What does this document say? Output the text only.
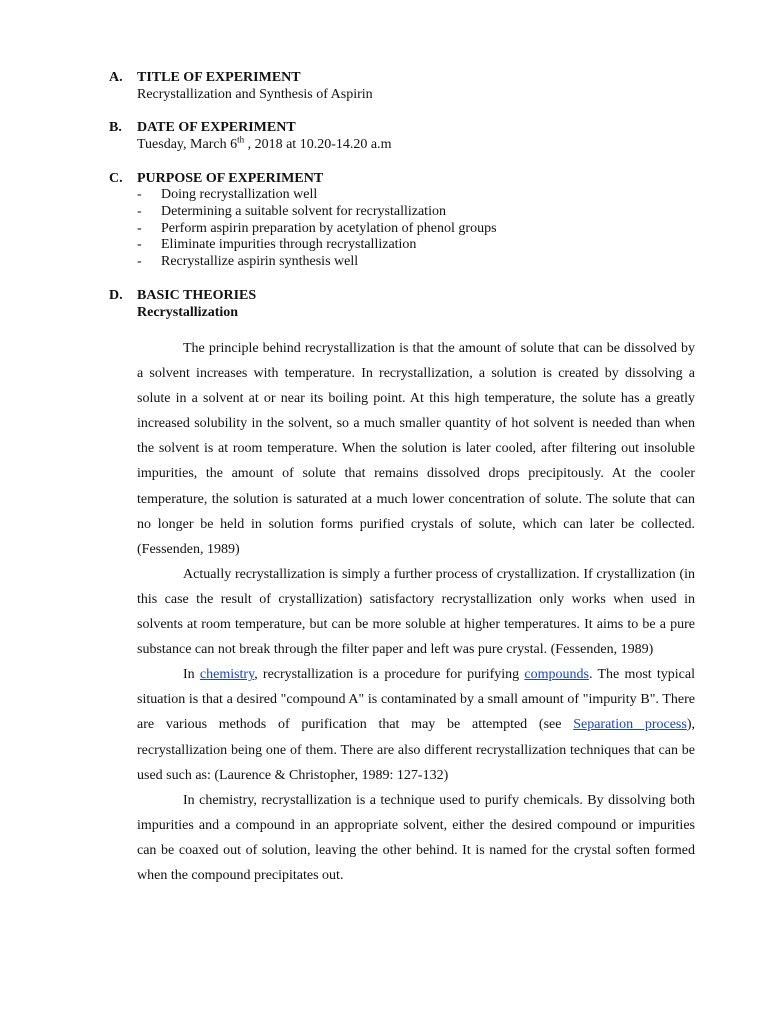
A.	TITLE OF EXPERIMENT
Recrystallization and Synthesis of Aspirin
B.	DATE OF EXPERIMENT
Tuesday, March 6th , 2018 at 10.20-14.20 a.m
C.	PURPOSE OF EXPERIMENT
-	Doing recrystallization well
-	Determining a suitable solvent for recrystallization
-	Perform aspirin preparation by acetylation of phenol groups
-	Eliminate impurities through recrystallization
-	Recrystallize aspirin synthesis well
D.	BASIC THEORIES
Recrystallization

The principle behind recrystallization is that the amount of solute that can be dissolved by a solvent increases with temperature. In recrystallization, a solution is created by dissolving a solute in a solvent at or near its boiling point. At this high temperature, the solute has a greatly increased solubility in the solvent, so a much smaller quantity of hot solvent is needed than when the solvent is at room temperature. When the solution is later cooled, after filtering out insoluble impurities, the amount of solute that remains dissolved drops precipitously. At the cooler temperature, the solution is saturated at a much lower concentration of solute. The solute that can no longer be held in solution forms purified crystals of solute, which can later be collected. (Fessenden, 1989)

Actually recrystallization is simply a further process of crystallization. If crystallization (in this case the result of crystallization) satisfactory recrystallization only works when used in solvents at room temperature, but can be more soluble at higher temperatures. It aims to be a pure substance can not break through the filter paper and left was pure crystal. (Fessenden, 1989)

In chemistry, recrystallization is a procedure for purifying compounds. The most typical situation is that a desired "compound A" is contaminated by a small amount of "impurity B". There are various methods of purification that may be attempted (see Separation process), recrystallization being one of them. There are also different recrystallization techniques that can be used such as: (Laurence & Christopher, 1989: 127-132)

In chemistry, recrystallization is a technique used to purify chemicals. By dissolving both impurities and a compound in an appropriate solvent, either the desired compound or impurities can be coaxed out of solution, leaving the other behind. It is named for the crystal soften formed when the compound precipitates out.
